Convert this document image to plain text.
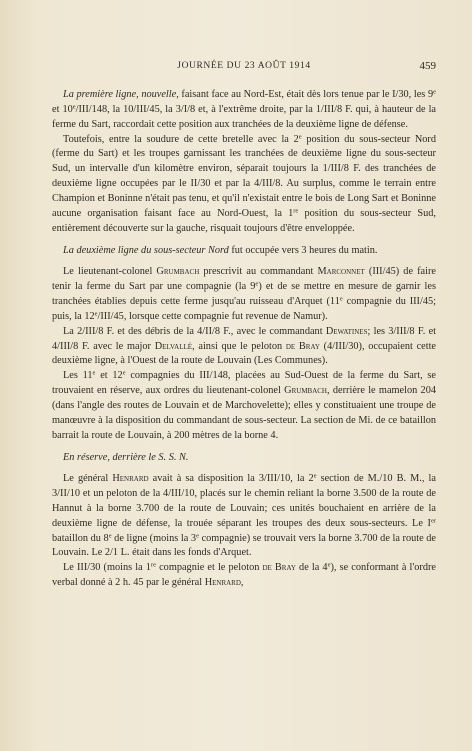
JOURNÉE DU 23 AOÛT 1914	459

La première ligne, nouvelle, faisant face au Nord-Est, était dès lors tenue par le I/30, les 9e et 10e/III/148, la 10/III/45, la 3/I/8 et, à l'extrême droite, par la 1/III/8 F. qui, à hauteur de la ferme du Sart, raccordait cette position aux tranchées de la deuxième ligne de défense.

Toutefois, entre la soudure de cette bretelle avec la 2e position du sous-secteur Nord (ferme du Sart) et les troupes garnissant les tranchées de deuxième ligne du sous-secteur Sud, un intervalle d'un kilomètre environ, séparait toujours la 1/III/8 F. des tranchées de deuxième ligne occupées par le II/30 et par la 4/III/8. Au surplus, comme le terrain entre Champion et Boninne n'était pas tenu, et qu'il n'existait entre le bois de Long Sart et Boninne aucune organisation faisant face au Nord-Ouest, la 1re position du sous-secteur Sud, entièrement découverte sur la gauche, risquait toujours d'être enveloppée.

La deuxième ligne du sous-secteur Nord fut occupée vers 3 heures du matin.

Le lieutenant-colonel Grumbach prescrivit au commandant Marconnet (III/45) de faire tenir la ferme du Sart par une compagnie (la 9e) et de se mettre en mesure de garnir les tranchées établies depuis cette ferme jusqu'au ruisseau d'Arquet (11e compagnie du III/45; puis, la 12e/III/45, lorsque cette compagnie fut revenue de Namur).

La 2/III/8 F. et des débris de la 4/II/8 F., avec le commandant Dewatines; les 3/III/8 F. et 4/III/8 F. avec le major Delvallé, ainsi que le peloton de Bray (4/III/30), occupaient cette deuxième ligne, à l'Ouest de la route de Louvain (Les Communes).

Les 11e et 12e compagnies du III/148, placées au Sud-Ouest de la ferme du Sart, se trouvaient en réserve, aux ordres du lieutenant-colonel Grumbach, derrière le mamelon 204 (dans l'angle des routes de Louvain et de Marchovelette); elles y constituaient une troupe de manœuvre à la disposition du commandant de sous-secteur. La section de Mi. de ce bataillon barrait la route de Louvain, à 200 mètres de la borne 4.

En réserve, derrière le S. S. N.

Le général Henrard avait à sa disposition la 3/III/10, la 2e section de M./10 B. M., la 3/II/10 et un peloton de la 4/III/10, placés sur le chemin reliant la borne 3.500 de la route de Hannut à la borne 3.700 de la route de Louvain; ces unités bouchaient en arrière de la deuxième ligne de défense, la trouée séparant les troupes des deux sous-secteurs. Le Ier bataillon du 8e de ligne (moins la 3e compagnie) se trouvait vers la borne 3.700 de la route de Louvain. Le 2/1 L. était dans les fonds d'Arquet.

Le III/30 (moins la 1re compagnie et le peloton de Bray de la 4e), se conformant à l'ordre verbal donné à 2 h. 45 par le général Henrard,
